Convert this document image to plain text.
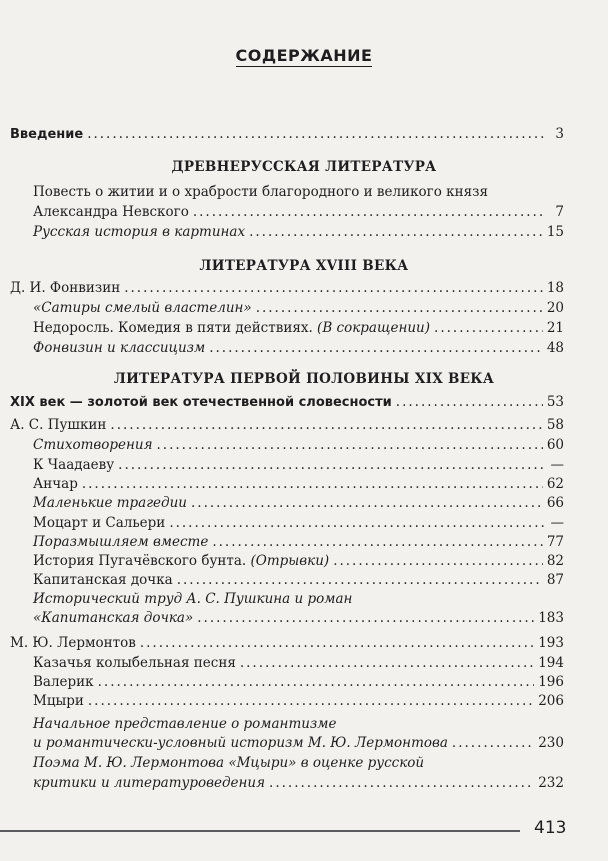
СОДЕРЖАНИЕ
Введение .....	3
ДРЕВНЕРУССКАЯ ЛИТЕРАТУРА
Повесть о житии и о храбрости благородного и великого князя
Александра Невского .....	7
Русская история в картинах .....	15
ЛИТЕРАТУРА XVIII ВЕКА
Д. И. Фонвизин .....	18
«Сатиры смелый властелин» .....	20
Недоросль. Комедия в пяти действиях. (В сокращении) .....	21
Фонвизин и классицизм .....	48
ЛИТЕРАТУРА ПЕРВОЙ ПОЛОВИНЫ XIX ВЕКА
XIX век — золотой век отечественной словесности .....	53
А. С. Пушкин .....	58
Стихотворения .....	60
К Чаадаеву .....	—
Анчар .....	62
Маленькие трагедии .....	66
Моцарт и Сальери .....	—
Поразмышляем вместе .....	77
История Пугачёвского бунта. (Отрывки) .....	82
Капитанская дочка .....	87
Исторический труд А. С. Пушкина и роман
«Капитанская дочка» .....	183
М. Ю. Лермонтов .....	193
Казачья колыбельная песня .....	194
Валерик .....	196
Мцыри .....	206
Начальное представление о романтизме
и романтически-условный историзм М. Ю. Лермонтова .....	230
Поэма М. Ю. Лермонтова «Мцыри» в оценке русской
критики и литературоведения .....	232
413
